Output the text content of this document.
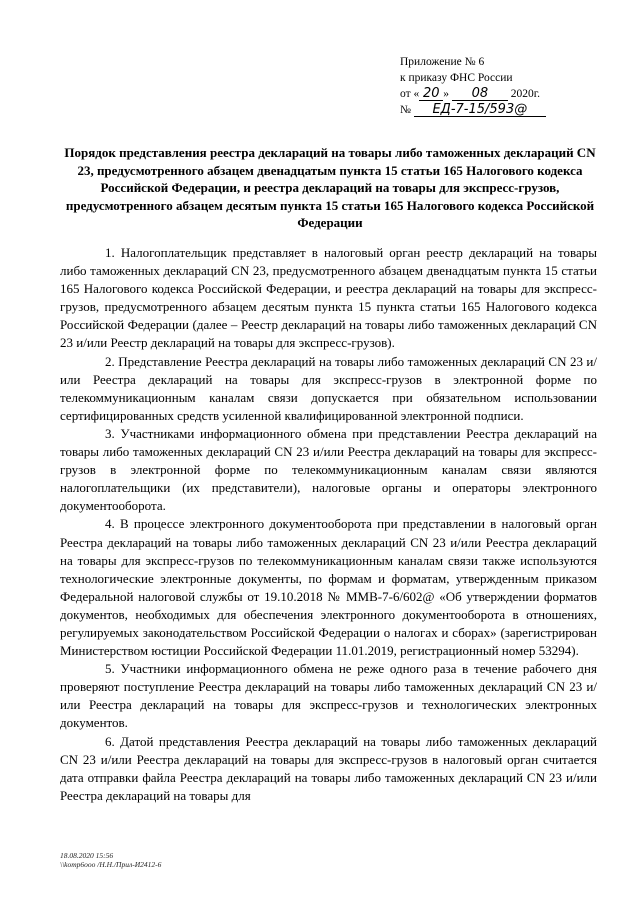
Приложение № 6
к приказу ФНС России
от « 20 » 08 2020г.
№ ЕД-7-15/593@
Порядок представления реестра деклараций на товары либо таможенных деклараций CN 23, предусмотренного абзацем двенадцатым пункта 15 статьи 165 Налогового кодекса Российской Федерации, и реестра деклараций на товары для экспресс-грузов, предусмотренного абзацем десятым пункта 15 статьи 165 Налогового кодекса Российской Федерации

1. Налогоплательщик представляет в налоговый орган реестр деклараций на товары либо таможенных деклараций CN 23, предусмотренного абзацем двенадцатым пункта 15 статьи 165 Налогового кодекса Российской Федерации, и реестра деклараций на товары для экспресс-грузов, предусмотренного абзацем десятым пункта 15 пункта статьи 165 Налогового кодекса Российской Федерации (далее – Реестр деклараций на товары либо таможенных деклараций CN 23 и/или Реестр деклараций на товары для экспресс-грузов).

2. Представление Реестра деклараций на товары либо таможенных деклараций CN 23 и/или Реестра деклараций на товары для экспресс-грузов в электронной форме по телекоммуникационным каналам связи допускается при обязательном использовании сертифицированных средств усиленной квалифицированной электронной подписи.

3. Участниками информационного обмена при представлении Реестра деклараций на товары либо таможенных деклараций CN 23 и/или Реестра деклараций на товары для экспресс-грузов в электронной форме по телекоммуникационным каналам связи являются налогоплательщики (их представители), налоговые органы и операторы электронного документооборота.

4. В процессе электронного документооборота при представлении в налоговый орган Реестра деклараций на товары либо таможенных деклараций CN 23 и/или Реестра деклараций на товары для экспресс-грузов по телекоммуникационным каналам связи также используются технологические электронные документы, по формам и форматам, утвержденным приказом Федеральной налоговой службы от 19.10.2018 № ММВ-7-6/602@ «Об утверждении форматов документов, необходимых для обеспечения электронного документооборота в отношениях, регулируемых законодательством Российской Федерации о налогах и сборах» (зарегистрирован Министерством юстиции Российской Федерации 11.01.2019, регистрационный номер 53294).

5. Участники информационного обмена не реже одного раза в течение рабочего дня проверяют поступление Реестра деклараций на товары либо таможенных деклараций CN 23 и/или Реестра деклараций на товары для экспресс-грузов и технологических электронных документов.

6. Датой представления Реестра деклараций на товары либо таможенных деклараций CN 23 и/или Реестра деклараций на товары для экспресс-грузов в налоговый орган считается дата отправки файла Реестра деклараций на товары либо таможенных деклараций CN 23 и/или Реестра деклараций на товары для

18.08.2020 15:56
\\komp6ooo /Н.Н./Прил-И2412-6
